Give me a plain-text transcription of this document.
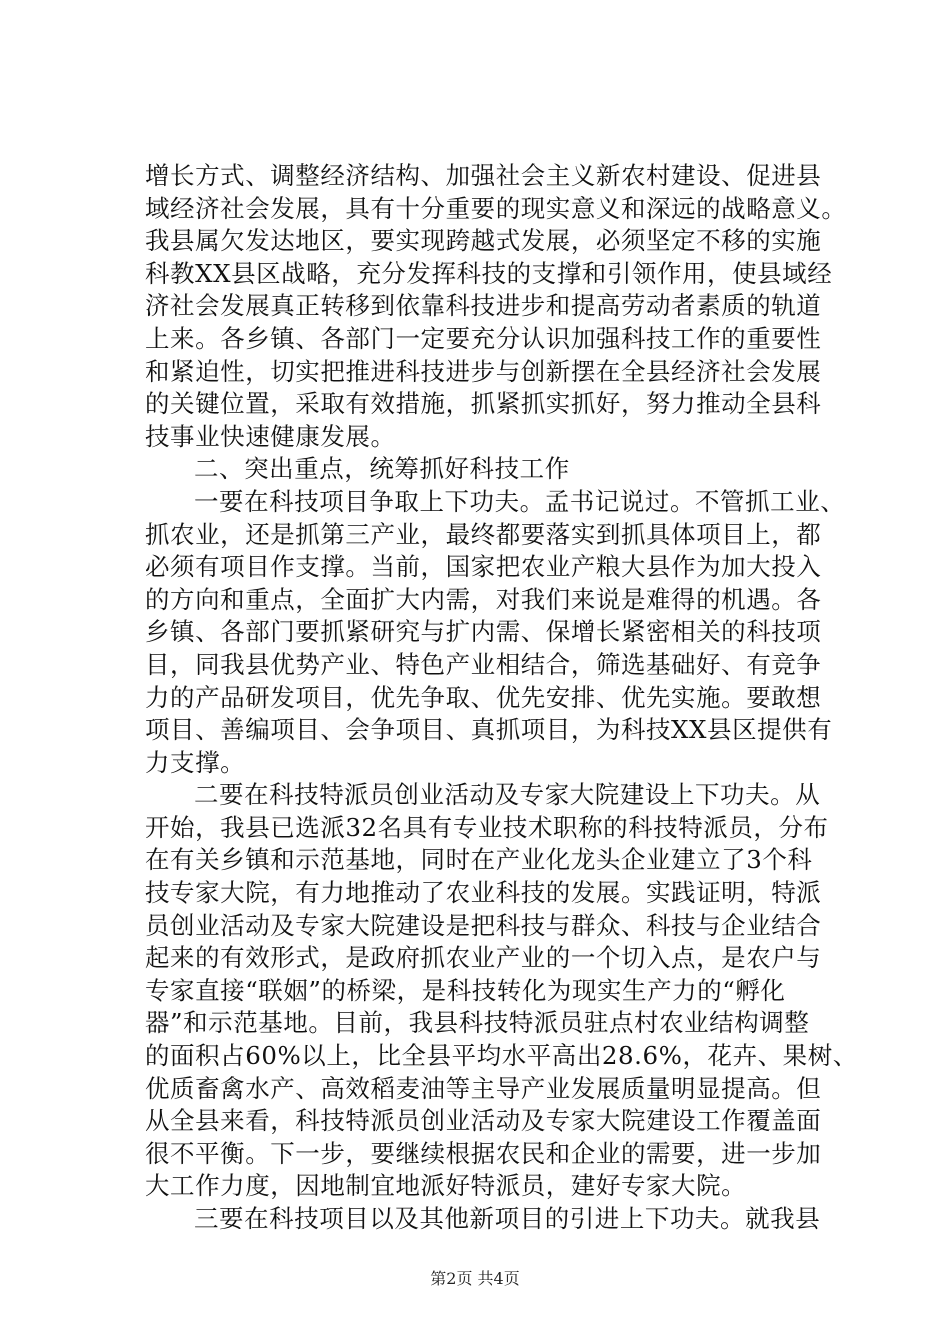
增长方式、调整经济结构、加强社会主义新农村建设、促进县
域经济社会发展，具有十分重要的现实意义和深远的战略意义。
我县属欠发达地区，要实现跨越式发展，必须坚定不移的实施
科教XX县区战略，充分发挥科技的支撑和引领作用，使县域经
济社会发展真正转移到依靠科技进步和提高劳动者素质的轨道
上来。各乡镇、各部门一定要充分认识加强科技工作的重要性
和紧迫性，切实把推进科技进步与创新摆在全县经济社会发展
的关键位置，采取有效措施，抓紧抓实抓好，努力推动全县科
技事业快速健康发展。
二、突出重点，统筹抓好科技工作
一要在科技项目争取上下功夫。孟书记说过。不管抓工业、
抓农业，还是抓第三产业，最终都要落实到抓具体项目上，都
必须有项目作支撑。当前，国家把农业产粮大县作为加大投入
的方向和重点，全面扩大内需，对我们来说是难得的机遇。各
乡镇、各部门要抓紧研究与扩内需、保增长紧密相关的科技项
目，同我县优势产业、特色产业相结合，筛选基础好、有竞争
力的产品研发项目，优先争取、优先安排、优先实施。要敢想
项目、善编项目、会争项目、真抓项目，为科技XX县区提供有
力支撑。
二要在科技特派员创业活动及专家大院建设上下功夫。从
开始，我县已选派32名具有专业技术职称的科技特派员，分布
在有关乡镇和示范基地，同时在产业化龙头企业建立了3个科
技专家大院，有力地推动了农业科技的发展。实践证明，特派
员创业活动及专家大院建设是把科技与群众、科技与企业结合
起来的有效形式，是政府抓农业产业的一个切入点，是农户与
专家直接“联姻”的桥梁，是科技转化为现实生产力的“孵化
器”和示范基地。目前，我县科技特派员驻点村农业结构调整
的面积占60%以上，比全县平均水平高出28.6%，花卉、果树、
优质畜禽水产、高效稻麦油等主导产业发展质量明显提高。但
从全县来看，科技特派员创业活动及专家大院建设工作覆盖面
很不平衡。下一步，要继续根据农民和企业的需要，进一步加
大工作力度，因地制宜地派好特派员，建好专家大院。
三要在科技项目以及其他新项目的引进上下功夫。就我县
第2页 共4页
